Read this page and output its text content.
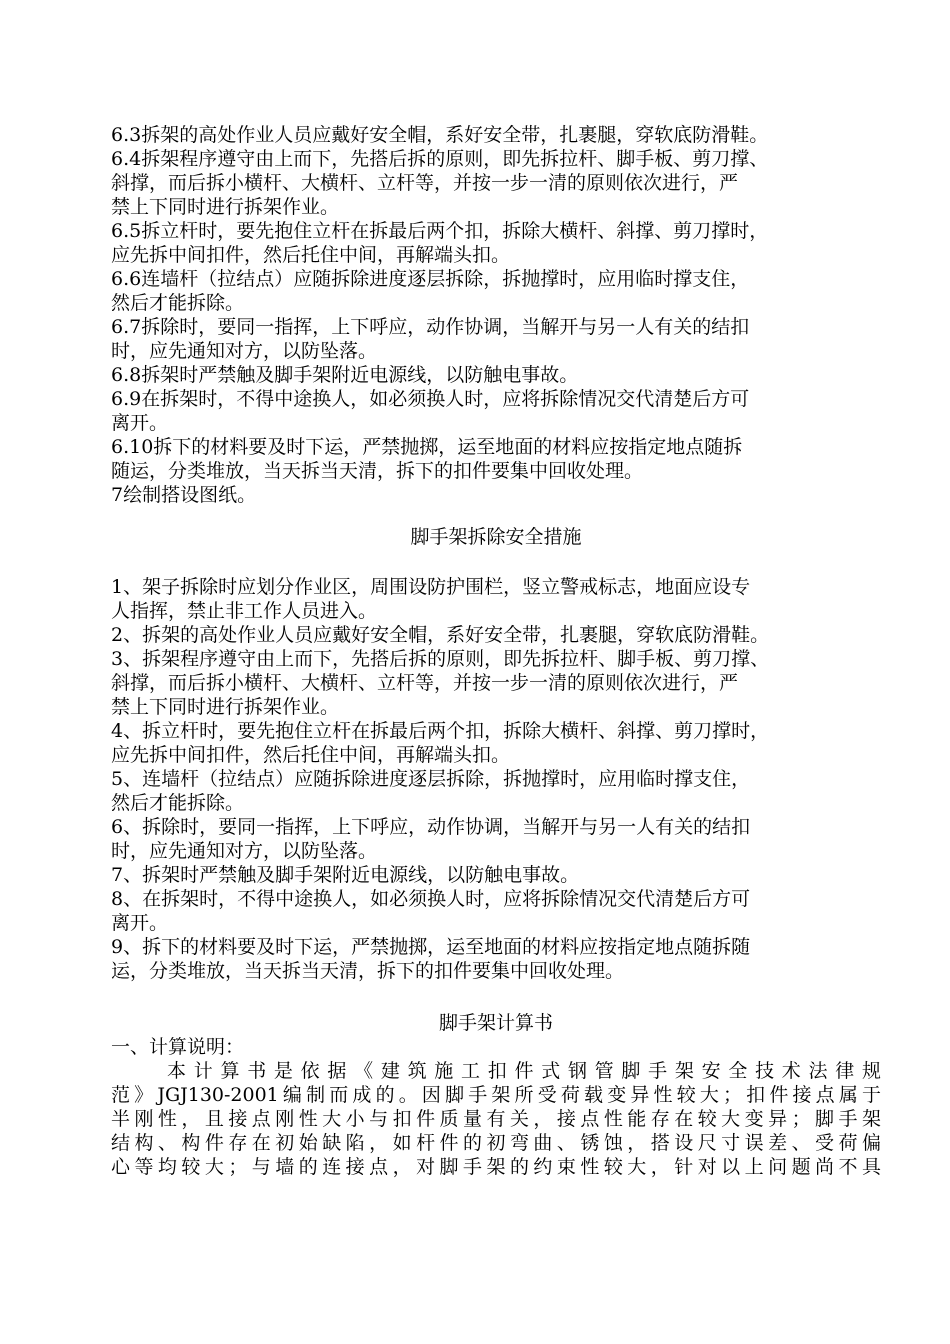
6.3拆架的高处作业人员应戴好安全帽，系好安全带，扎裹腿，穿软底防滑鞋。
6.4拆架程序遵守由上而下，先搭后拆的原则，即先拆拉杆、脚手板、剪刀撑、
斜撑，而后拆小横杆、大横杆、立杆等，并按一步一清的原则依次进行，严
禁上下同时进行拆架作业。
6.5拆立杆时，要先抱住立杆在拆最后两个扣，拆除大横杆、斜撑、剪刀撑时，
应先拆中间扣件，然后托住中间，再解端头扣。
6.6连墙杆（拉结点）应随拆除进度逐层拆除，拆抛撑时，应用临时撑支住，
然后才能拆除。
6.7拆除时，要同一指挥，上下呼应，动作协调，当解开与另一人有关的结扣
时，应先通知对方，以防坠落。
6.8拆架时严禁触及脚手架附近电源线，以防触电事故。
6.9在拆架时，不得中途换人，如必须换人时，应将拆除情况交代清楚后方可
离开。
6.10拆下的材料要及时下运，严禁抛掷，运至地面的材料应按指定地点随拆
随运，分类堆放，当天拆当天清，拆下的扣件要集中回收处理。
7绘制搭设图纸。
脚手架拆除安全措施
1、架子拆除时应划分作业区，周围设防护围栏，竖立警戒标志，地面应设专
人指挥，禁止非工作人员进入。
2、拆架的高处作业人员应戴好安全帽，系好安全带，扎裹腿，穿软底防滑鞋。
3、拆架程序遵守由上而下，先搭后拆的原则，即先拆拉杆、脚手板、剪刀撑、
斜撑，而后拆小横杆、大横杆、立杆等，并按一步一清的原则依次进行，严
禁上下同时进行拆架作业。
4、拆立杆时，要先抱住立杆在拆最后两个扣，拆除大横杆、斜撑、剪刀撑时，
应先拆中间扣件，然后托住中间，再解端头扣。
5、连墙杆（拉结点）应随拆除进度逐层拆除，拆抛撑时，应用临时撑支住，
然后才能拆除。
6、拆除时，要同一指挥，上下呼应，动作协调，当解开与另一人有关的结扣
时，应先通知对方，以防坠落。
7、拆架时严禁触及脚手架附近电源线，以防触电事故。
8、在拆架时，不得中途换人，如必须换人时，应将拆除情况交代清楚后方可
离开。
9、拆下的材料要及时下运，严禁抛掷，运至地面的材料应按指定地点随拆随
运，分类堆放，当天拆当天清，拆下的扣件要集中回收处理。
脚手架计算书
一、计算说明：
本计算书是依据《建筑施工扣件式钢管脚手架安全技术法律规
范》JGJ130-2001编制而成的。因脚手架所受荷载变异性较大；扣件接点属于
半刚性，且接点刚性大小与扣件质量有关，接点性能存在较大变异；脚手架
结构、构件存在初始缺陷，如杆件的初弯曲、锈蚀，搭设尺寸误差、受荷偏
心等均较大；与墙的连接点，对脚手架的约束性较大，针对以上问题尚不具
